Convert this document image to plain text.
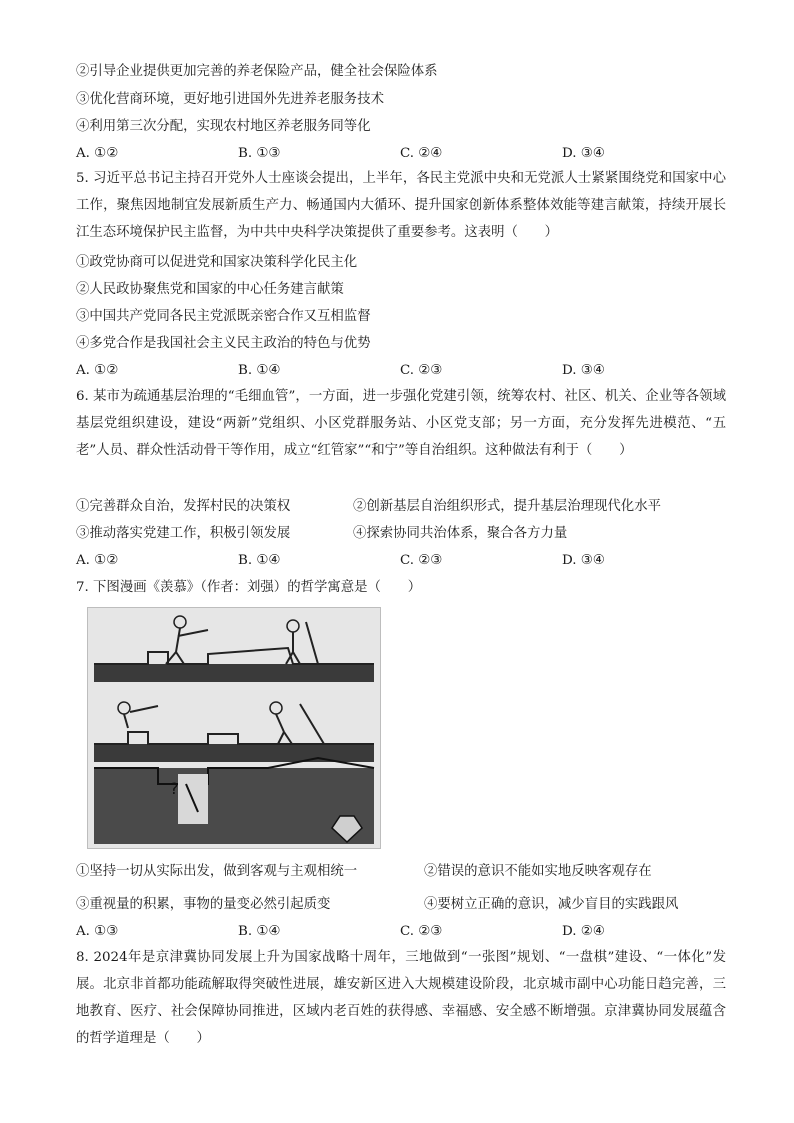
②引导企业提供更加完善的养老保险产品，健全社会保险体系
③优化营商环境，更好地引进国外先进养老服务技术
④利用第三次分配，实现农村地区养老服务同等化
A. ①②	B. ①③	C. ②④	D. ③④
5. 习近平总书记主持召开党外人士座谈会提出，上半年，各民主党派中央和无党派人士紧紧围绕党和国家中心工作，聚焦因地制宜发展新质生产力、畅通国内大循环、提升国家创新体系整体效能等建言献策，持续开展长江生态环境保护民主监督，为中共中央科学决策提供了重要参考。这表明（　　）
①政党协商可以促进党和国家决策科学化民主化
②人民政协聚焦党和国家的中心任务建言献策
③中国共产党同各民主党派既亲密合作又互相监督
④多党合作是我国社会主义民主政治的特色与优势
A. ①②	B. ①④	C. ②③	D. ③④
6. 某市为疏通基层治理的“毛细血管”，一方面，进一步强化党建引领，统筹农村、社区、机关、企业等各领域基层党组织建设，建设“两新”党组织、小区党群服务站、小区党支部；另一方面，充分发挥先进模范、“五老”人员、群众性活动骨干等作用，成立“红管家”“和宁”等自治组织。这种做法有利于（　　）
①完善群众自治，发挥村民的决策权	②创新基层自治组织形式，提升基层治理现代化水平
③推动落实党建工作，积极引领发展	④探索协同共治体系，聚合各方力量
A. ①②	B. ①④	C. ②③	D. ③④
7. 下图漫画《羡慕》（作者：刘强）的哲学寓意是（　　）
?
①坚持一切从实际出发，做到客观与主观相统一	②错误的意识不能如实地反映客观存在
③重视量的积累，事物的量变必然引起质变	④要树立正确的意识，减少盲目的实践跟风
A. ①③	B. ①④	C. ②③	D. ②④
8. 2024年是京津冀协同发展上升为国家战略十周年，三地做到“一张图”规划、“一盘棋”建设、“一体化”发展。北京非首都功能疏解取得突破性进展，雄安新区进入大规模建设阶段，北京城市副中心功能日趋完善，三地教育、医疗、社会保障协同推进，区域内老百姓的获得感、幸福感、安全感不断增强。京津冀协同发展蕴含的哲学道理是（　　）
